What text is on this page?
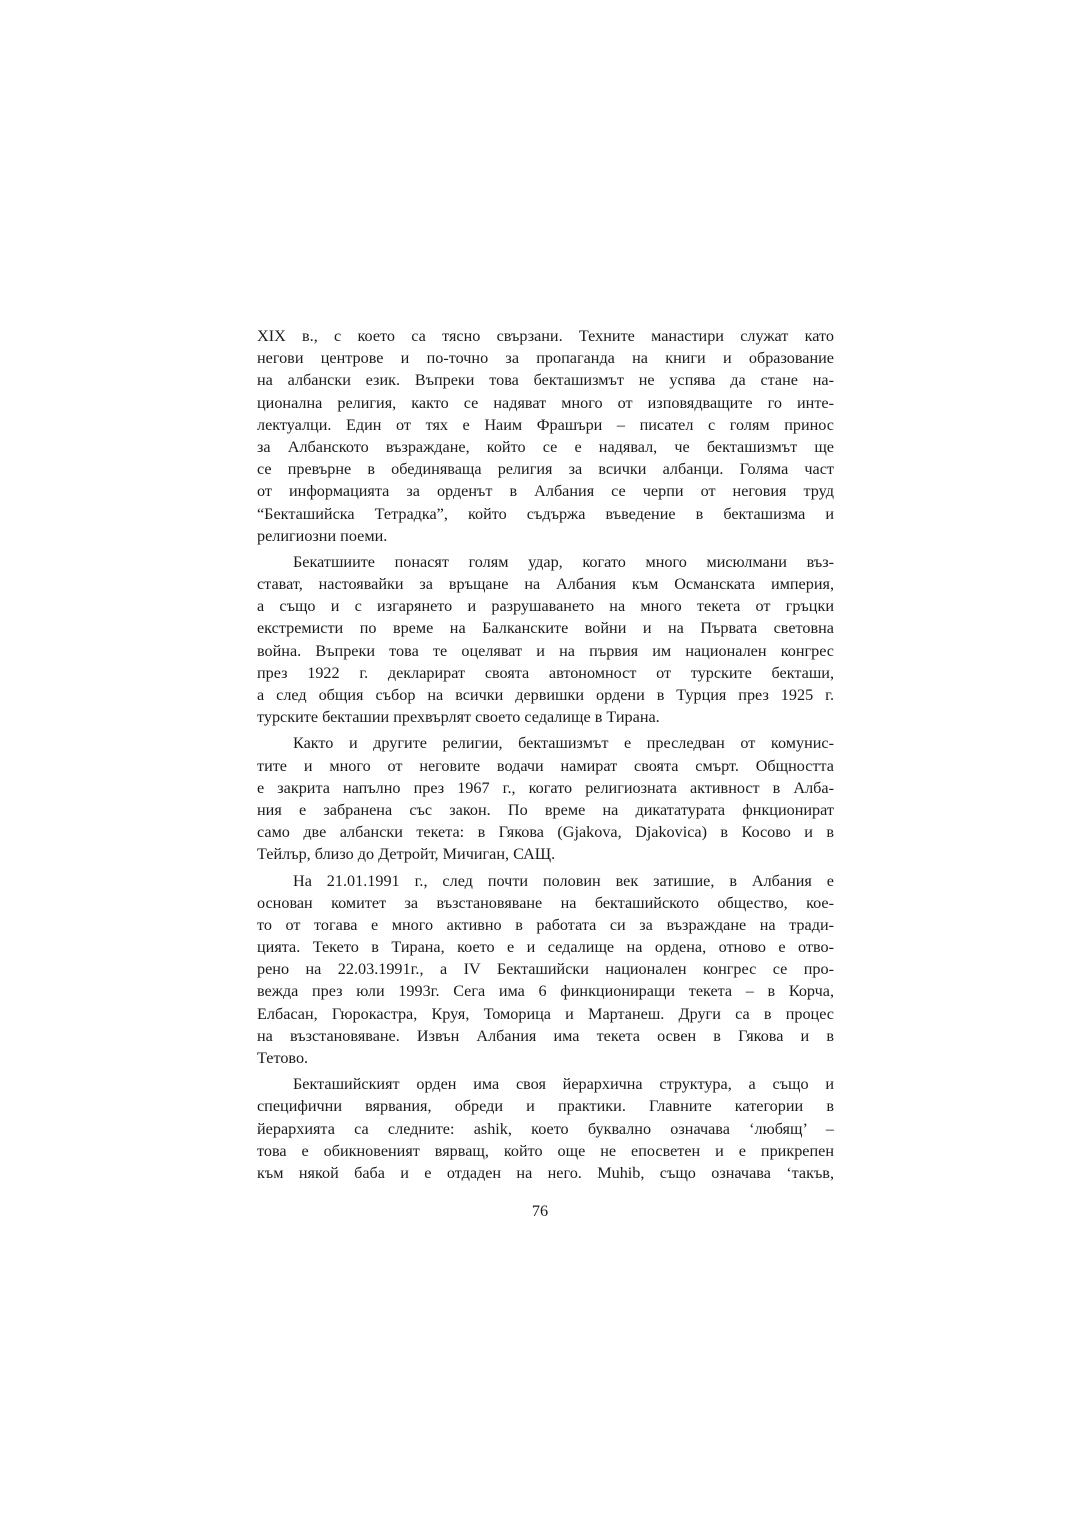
XIX в., с което са тясно свързани. Техните манастири служат като
негови центрове и по-точно за пропаганда на книги и образование
на албански език. Въпреки това бекташизмът не успява да стане на-
ционална религия, както се надяват много от изповядващите го инте-
лектуалци. Един от тях е Наим Фрашъри – писател с голям принос
за Албанското възраждане, който се е надявал, че бекташизмът ще
се превърне в обединяваща религия за всички албанци. Голяма част
от информацията за орденът в Албания се черпи от неговия труд
“Бекташийска Тетрадка”, който съдържа въведение в бекташизма и
религиозни поеми.
Бекатшиите понасят голям удар, когато много мисюлмани въз-
стават, настоявайки за връщане на Албания към Османската империя,
а също и с изгарянето и разрушаването на много текета от гръцки
екстремисти по време на Балканските войни и на Първата световна
война. Въпреки това те оцеляват и на първия им национален конгрес
през 1922 г. декларират своята автономност от турските бекташи,
а след общия събор на всички дервишки ордени в Турция през 1925 г.
турските бекташии прехвърлят своето седалище в Тирана.
Както и другите религии, бекташизмът е преследван от комунис-
тите и много от неговите водачи намират своята смърт. Общността
е закрита напълно през 1967 г., когато религиозната активност в Алба-
ния е забранена със закон. По време на дикататурата фнкционират
само две албански текета: в Гякова (Gjakova, Djakovica) в Косово и в
Тейлър, близо до Детройт, Мичиган, САЩ.
На 21.01.1991 г., след почти половин век затишие, в Албания е
основан комитет за възстановяване на бекташийското общество, кое-
то от тогава е много активно в работата си за възраждане на тради-
цията. Текето в Тирана, което е и седалище на ордена, отново е отво-
рено на 22.03.1991г., а IV Бекташийски национален конгрес се про-
вежда през юли 1993г. Сега има 6 финкциониращи текета – в Корча,
Елбасан, Гюрокастра, Круя, Томорица и Мартанеш. Други са в процес
на възстановяване. Извън Албания има текета освен в Гякова и в
Тетово.
Бекташийският орден има своя йерархична структура, а също и
специфични вярвания, обреди и практики. Главните категории в
йерархията са следните: ashik, което буквално означава ‘любящ’ –
това е обикновеният вярващ, който още не епосветен и е прикрепен
към някой баба и е отдаден на него. Muhib, също означава ‘такъв,
76
